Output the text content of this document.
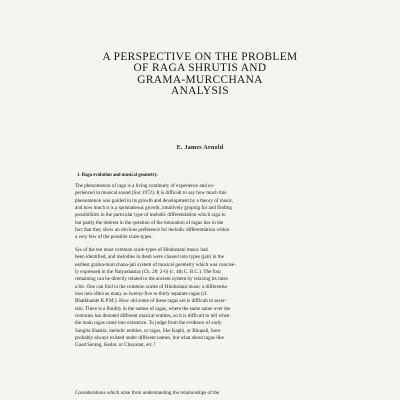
A PERSPECTIVE ON THE PROBLEM
OF RAGA SHRUTIS AND
GRAMA-MURCCHANA
ANALYSIS
E. James Arnold
1. Raga evolution and musical geometry.

The phenomenon of raga is a living continuity of experience and ex-
perienced in musical sound (Sur 1972). It is difficult to say how much this
phenomenon was guided in its growth and development by a theory of music,
and how much it is a spontaneous growth, intuitively groping for and finding
possibilities in the particular type of melodic differentiation which raga is:
but partly the interest in the question of the intonation of ragas lies in the
fact that they show an obvious preference for melodic differentiation within
a very few of the possible scale-types.

Six of the ten most common scale-types of Hindustani music had
been identified, and melodies in them were classed into types (jati) in the
earliest grama-murcchana-jati system of musical geometry which was concise-
ly expressed in the Natyashastra (Ch. 28: 2-6) (c. 4th C. B.C.). The four
remaining can be directly related to the ancient system by relaxing its rules
a bit. One can find in the common scales of Hindustani music a differentia-
tion into often as many as twenty-five to thirty separate ragas (cf.
Bhatkhande K.P.M.). How old some of these ragas are is difficult to ascer-
tain. There is a fluidity in the names of ragas, where the same name over the
centuries has denoted different musical entities, so it is difficult to tell when
the main ragas came into existence. To judge from the evidence of early
Sangita Shastra, melodic entities, or ragas, like Kaphi, or Bhupali, have
probably always existed under different names, but what about ragas like
Gaud Sarang, Kedar, or Chayanat, etc.?

Considerations which arise from understanding the relationships of the
